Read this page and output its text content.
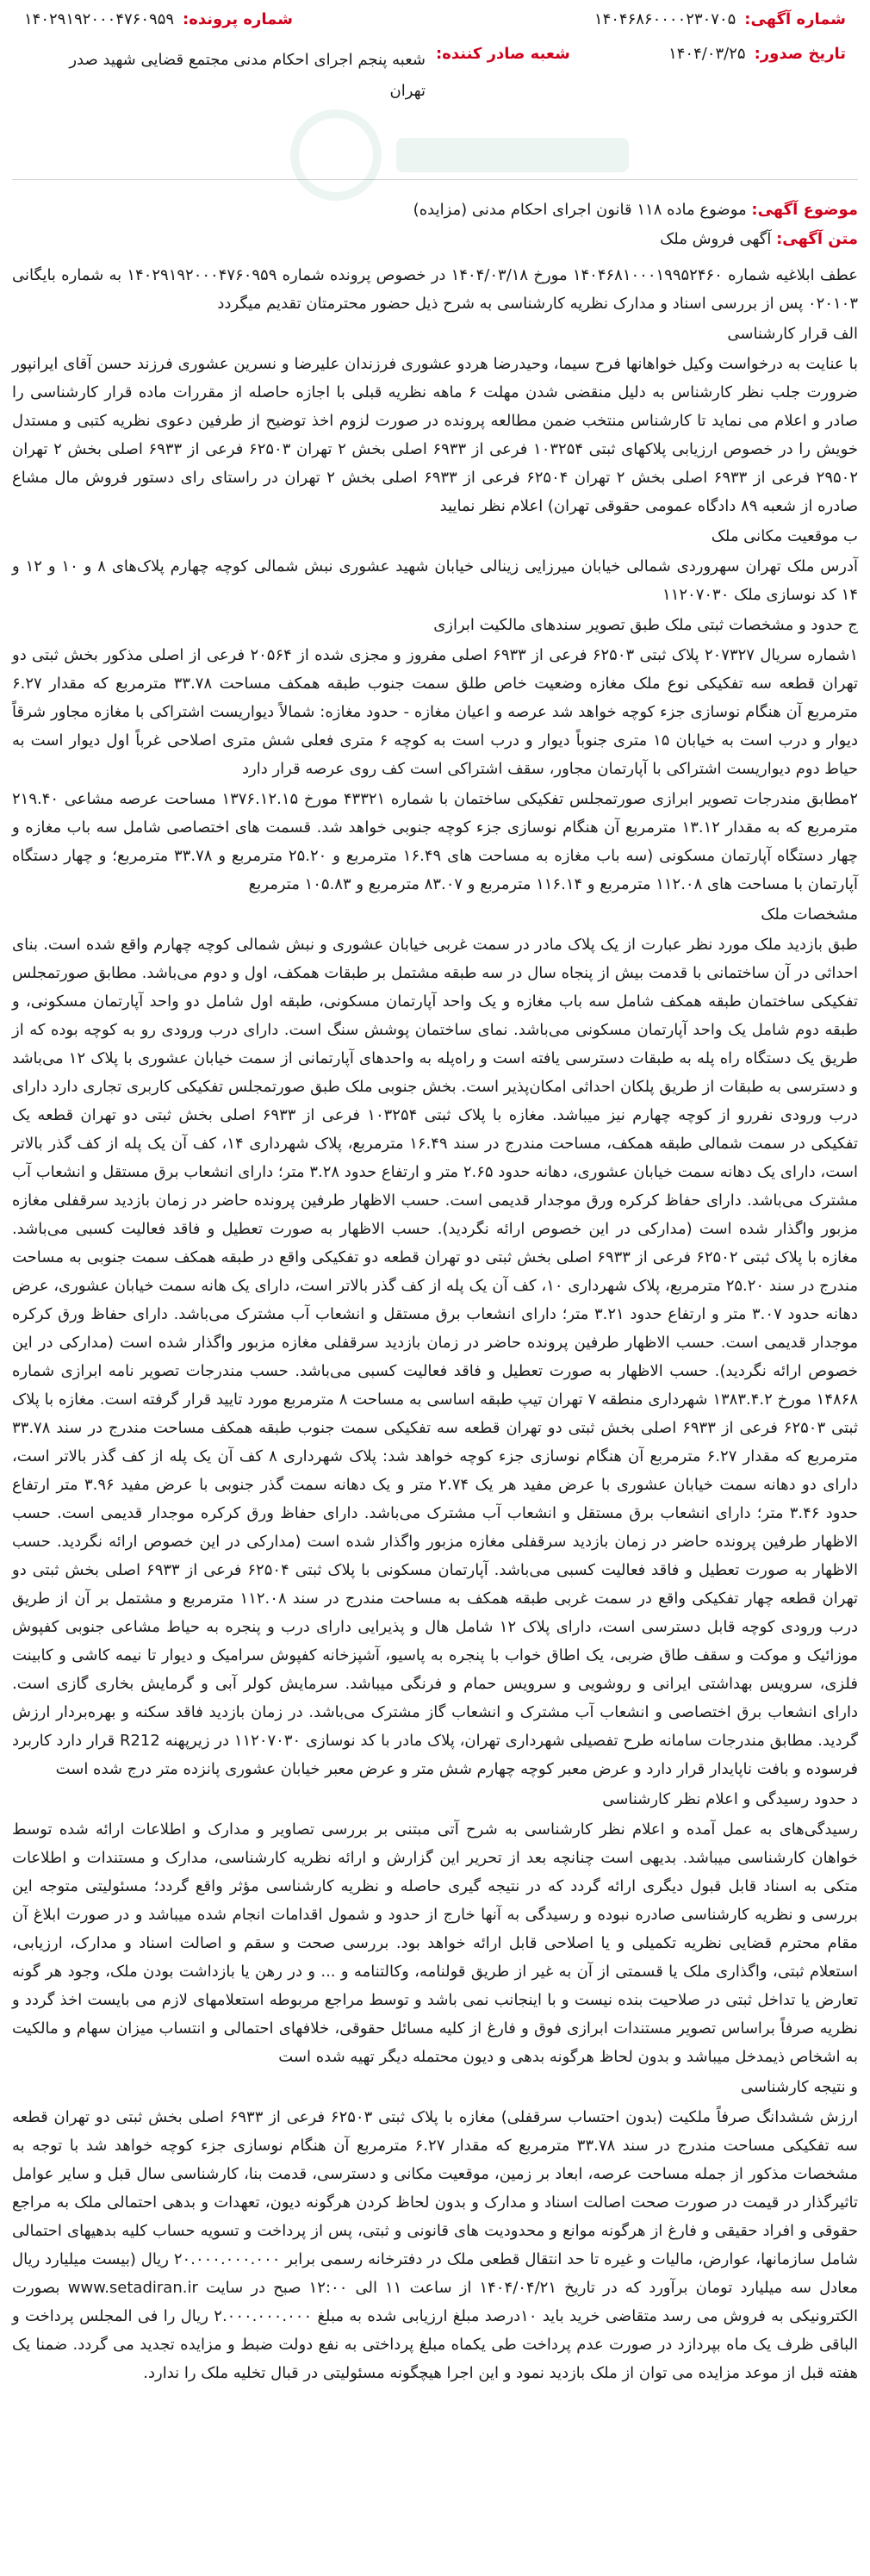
شماره آگهی:
۱۴۰۴۶۸۶۰۰۰۰۲۳۰۷۰۵
شماره پرونده:
۱۴۰۲۹۱۹۲۰۰۰۴۷۶۰۹۵۹
تاریخ صدور:
۱۴۰۴/۰۳/۲۵
شعبه صادر کننده:
شعبه پنجم اجرای احکام مدنی مجتمع قضایی شهید صدر تهران
موضوع آگهی: موضوع ماده ۱۱۸ قانون اجرای احکام مدنی (مزایده)
متن آگهی: آگهی فروش ملک

عطف ابلاغیه شماره ۱۴۰۴۶۸۱۰۰۰۱۹۹۵۲۴۶۰ مورخ ۱۴۰۴/۰۳/۱۸ در خصوص پرونده شماره ۱۴۰۲۹۱۹۲۰۰۰۴۷۶۰۹۵۹ به شماره بایگانی ۰۲۰۱۰۳ پس از بررسی اسناد و مدارک نظریه کارشناسی به شرح ذیل حضور محترمتان تقدیم میگردد

الف قرار کارشناسی

با عنایت به درخواست وکیل خواهانها فرح سیما، وحیدرضا هردو عشوری فرزندان علیرضا و نسرین عشوری فرزند حسن آقای ایرانپور ضرورت جلب نظر کارشناس به دلیل منقضی شدن مهلت ۶ ماهه نظریه قبلی با اجازه حاصله از مقررات ماده قرار کارشناسی را صادر و اعلام می نماید تا کارشناس منتخب ضمن مطالعه پرونده در صورت لزوم اخذ توضیح از طرفین دعوی نظریه کتبی و مستدل خویش را در خصوص ارزیابی پلاکهای ثبتی ۱۰۳۲۵۴ فرعی از ۶۹۳۳ اصلی بخش ۲ تهران ۶۲۵۰۳ فرعی از ۶۹۳۳ اصلی بخش ۲ تهران ۲۹۵۰۲ فرعی از ۶۹۳۳ اصلی بخش ۲ تهران ۶۲۵۰۴ فرعی از ۶۹۳۳ اصلی بخش ۲ تهران در راستای رای دستور فروش مال مشاع صادره از شعبه ۸۹ دادگاه عمومی حقوقی تهران) اعلام نظر نمایید

ب موقعیت مکانی ملک

آدرس ملک تهران سهروردی شمالی خیابان میرزایی زینالی خیابان شهید عشوری نبش شمالی کوچه چهارم پلاک‌های ۸ و ۱۰ و ۱۲ و ۱۴ کد نوسازی ملک ۱۱۲۰۷۰۳۰

ج حدود و مشخصات ثبتی ملک طبق تصویر سندهای مالکیت ابرازی

۱شماره سریال ۲۰۷۳۲۷ پلاک ثبتی ۶۲۵۰۳ فرعی از ۶۹۳۳ اصلی مفروز و مجزی شده از ۲۰۵۶۴ فرعی از اصلی مذکور بخش ثبتی دو تهران قطعه سه تفکیکی نوع ملک مغازه وضعیت خاص طلق سمت جنوب طبقه همکف مساحت ۳۳.۷۸ مترمربع که مقدار ۶.۲۷ مترمربع آن هنگام نوسازی جزء کوچه خواهد شد عرصه و اعیان مغازه - حدود مغازه: شمالاً دیواریست اشتراکی با مغازه مجاور شرقاً دیوار و درب است به خیابان ۱۵ متری جنوباً دیوار و درب است به کوچه ۶ متری فعلی شش متری اصلاحی غرباً اول دیوار است به حیاط دوم دیواریست اشتراکی با آپارتمان مجاور، سقف اشتراکی است کف روی عرصه قرار دارد

۲مطابق مندرجات تصویر ابرازی صورتمجلس تفکیکی ساختمان با شماره ۴۳۳۲۱ مورخ ۱۳۷۶.۱۲.۱۵ مساحت عرصه مشاعی ۲۱۹.۴۰ مترمربع که به مقدار ۱۳.۱۲ مترمربع آن هنگام نوسازی جزء کوچه جنوبی خواهد شد. قسمت های اختصاصی شامل سه باب مغازه و چهار دستگاه آپارتمان مسکونی (سه باب مغازه به مساحت های ۱۶.۴۹ مترمربع و ۲۵.۲۰ مترمربع و ۳۳.۷۸ مترمربع؛ و چهار دستگاه آپارتمان با مساحت های ۱۱۲.۰۸ مترمربع و ۱۱۶.۱۴ مترمربع و ۸۳.۰۷ مترمربع و ۱۰۵.۸۳ مترمربع

مشخصات ملک

طبق بازدید ملک مورد نظر عبارت از یک پلاک مادر در سمت غربی خیابان عشوری و نبش شمالی کوچه چهارم واقع شده است. بنای احداثی در آن ساختمانی با قدمت بیش از پنجاه سال در سه طبقه مشتمل بر طبقات همکف، اول و دوم می‌باشد. مطابق صورتمجلس تفکیکی ساختمان طبقه همکف شامل سه باب مغازه و یک واحد آپارتمان مسکونی، طبقه اول شامل دو واحد آپارتمان مسکونی، و طبقه دوم شامل یک واحد آپارتمان مسکونی می‌باشد. نمای ساختمان پوشش سنگ است. دارای درب ورودی رو به کوچه بوده که از طریق یک دستگاه راه پله به طبقات دسترسی یافته است و راه‌پله به واحدهای آپارتمانی از سمت خیابان عشوری با پلاک ۱۲ می‌باشد و دسترسی به طبقات از طریق پلکان احداثی امکان‌پذیر است. بخش جنوبی ملک طبق صورتمجلس تفکیکی کاربری تجاری دارد دارای درب ورودی نفررو از کوچه چهارم نیز میباشد. مغازه با پلاک ثبتی ۱۰۳۲۵۴ فرعی از ۶۹۳۳ اصلی بخش ثبتی دو تهران قطعه یک تفکیکی در سمت شمالی طبقه همکف، مساحت مندرج در سند ۱۶.۴۹ مترمربع، پلاک شهرداری ۱۴، کف آن یک پله از کف گذر بالاتر است، دارای یک دهانه سمت خیابان عشوری، دهانه حدود ۲.۶۵ متر و ارتفاع حدود ۳.۲۸ متر؛ دارای انشعاب برق مستقل و انشعاب آب مشترک می‌باشد. دارای حفاظ کرکره ورق موجدار قدیمی است. حسب الاظهار طرفین پرونده حاضر در زمان بازدید سرقفلی مغازه مزبور واگذار شده است (مدارکی در این خصوص ارائه نگردید). حسب الاظهار به صورت تعطیل و فاقد فعالیت کسبی می‌باشد. مغازه با پلاک ثبتی ۶۲۵۰۲ فرعی از ۶۹۳۳ اصلی بخش ثبتی دو تهران قطعه دو تفکیکی واقع در طبقه همکف سمت جنوبی به مساحت مندرج در سند ۲۵.۲۰ مترمربع، پلاک شهرداری ۱۰، کف آن یک پله از کف گذر بالاتر است، دارای یک هانه سمت خیابان عشوری، عرض دهانه حدود ۳.۰۷ متر و ارتفاع حدود ۳.۲۱ متر؛ دارای انشعاب برق مستقل و انشعاب آب مشترک می‌باشد. دارای حفاظ ورق کرکره موجدار قدیمی است. حسب الاظهار طرفین پرونده حاضر در زمان بازدید سرقفلی مغازه مزبور واگذار شده است (مدارکی در این خصوص ارائه نگردید). حسب الاظهار به صورت تعطیل و فاقد فعالیت کسبی می‌باشد. حسب مندرجات تصویر نامه ابرازی شماره ۱۴۸۶۸ مورخ ۱۳۸۳.۴.۲ شهرداری منطقه ۷ تهران تیپ طبقه اساسی به مساحت ۸ مترمربع مورد تایید قرار گرفته است. مغازه با پلاک ثبتی ۶۲۵۰۳ فرعی از ۶۹۳۳ اصلی بخش ثبتی دو تهران قطعه سه تفکیکی سمت جنوب طبقه همکف مساحت مندرج در سند ۳۳.۷۸ مترمربع که مقدار ۶.۲۷ مترمربع آن هنگام نوسازی جزء کوچه خواهد شد: پلاک شهرداری ۸ کف آن یک پله از کف گذر بالاتر است، دارای دو دهانه سمت خیابان عشوری با عرض مفید هر یک ۲.۷۴ متر و یک دهانه سمت گذر جنوبی با عرض مفید ۳.۹۶ متر ارتفاع حدود ۳.۴۶ متر؛ دارای انشعاب برق مستقل و انشعاب آب مشترک می‌باشد. دارای حفاظ ورق کرکره موجدار قدیمی است. حسب الاظهار طرفین پرونده حاضر در زمان بازدید سرقفلی مغازه مزبور واگذار شده است (مدارکی در این خصوص ارائه نگردید. حسب الاظهار به صورت تعطیل و فاقد فعالیت کسبی می‌باشد. آپارتمان مسکونی با پلاک ثبتی ۶۲۵۰۴ فرعی از ۶۹۳۳ اصلی بخش ثبتی دو تهران قطعه چهار تفکیکی واقع در سمت غربی طبقه همکف به مساحت مندرج در سند ۱۱۲.۰۸ مترمربع و مشتمل بر آن از طریق درب ورودی کوچه قابل دسترسی است، دارای پلاک ۱۲ شامل هال و پذیرایی دارای درب و پنجره به حیاط مشاعی جنوبی کفپوش موزائیک و موکت و سقف طاق ضربی، یک اطاق خواب با پنجره به پاسیو، آشپزخانه کفپوش سرامیک و دیوار تا نیمه کاشی و کابینت فلزی، سرویس بهداشتی ایرانی و روشویی و سرویس حمام و فرنگی میباشد. سرمایش کولر آبی و گرمایش بخاری گازی است. دارای انشعاب برق اختصاصی و انشعاب آب مشترک و انشعاب گاز مشترک می‌باشد. در زمان بازدید فاقد سکنه و بهره‌بردار ارزش گردید. مطابق مندرجات سامانه طرح تفصیلی شهرداری تهران، پلاک مادر با کد نوسازی ۱۱۲۰۷۰۳۰ در زیرپهنه R212 قرار دارد کاربرد فرسوده و بافت ناپایدار قرار دارد و عرض معبر کوچه چهارم شش متر و عرض معبر خیابان عشوری پانزده متر درج شده است

د حدود رسیدگی و اعلام نظر کارشناسی

رسیدگی‌های به عمل آمده و اعلام نظر کارشناسی به شرح آتی مبتنی بر بررسی تصاویر و مدارک و اطلاعات ارائه شده توسط خواهان کارشناسی میباشد. بدیهی است چنانچه بعد از تحریر این گزارش و ارائه نظریه کارشناسی، مدارک و مستندات و اطلاعات متکی به اسناد قابل قبول دیگری ارائه گردد که در نتیجه گیری حاصله و نظریه کارشناسی مؤثر واقع گردد؛ مسئولیتی متوجه این بررسی و نظریه کارشناسی صادره نبوده و رسیدگی به آنها خارج از حدود و شمول اقدامات انجام شده میباشد و در صورت ابلاغ آن مقام محترم قضایی نظریه تکمیلی و یا اصلاحی قابل ارائه خواهد بود. بررسی صحت و سقم و اصالت اسناد و مدارک، ارزیابی، استعلام ثبتی، واگذاری ملک یا قسمتی از آن به غیر از طریق قولنامه، وکالتنامه و ... و در رهن یا بازداشت بودن ملک، وجود هر گونه تعارض یا تداخل ثبتی در صلاحیت بنده نیست و با اینجانب نمی باشد و توسط مراجع مربوطه استعلامهای لازم می بایست اخذ گردد و نظریه صرفاً براساس تصویر مستندات ابرازی فوق و فارغ از کلیه مسائل حقوقی، خلافهای احتمالی و انتساب میزان سهام و مالکیت به اشخاص ذیمدخل میباشد و بدون لحاظ هرگونه بدهی و دیون محتمله دیگر تهیه شده است

و نتیجه کارشناسی

ارزش ششدانگ صرفاً ملکیت (بدون احتساب سرقفلی) مغازه با پلاک ثبتی ۶۲۵۰۳ فرعی از ۶۹۳۳ اصلی بخش ثبتی دو تهران قطعه سه تفکیکی مساحت مندرج در سند ۳۳.۷۸ مترمربع که مقدار ۶.۲۷ مترمربع آن هنگام نوسازی جزء کوچه خواهد شد با توجه به مشخصات مذکور از جمله مساحت عرصه، ابعاد بر زمین، موقعیت مکانی و دسترسی، قدمت بنا، کارشناسی سال قبل و سایر عوامل تاثیرگذار در قیمت در صورت صحت اصالت اسناد و مدارک و بدون لحاظ کردن هرگونه دیون، تعهدات و بدهی احتمالی ملک به مراجع حقوقی و افراد حقیقی و فارغ از هرگونه موانع و محدودیت های قانونی و ثبتی، پس از پرداخت و تسویه حساب کلیه بدهیهای احتمالی شامل سازمانها، عوارض، مالیات و غیره تا حد انتقال قطعی ملک در دفترخانه رسمی برابر ۲۰.۰۰۰.۰۰۰.۰۰۰ ریال (بیست میلیارد ریال معادل سه میلیارد تومان برآورد که در تاریخ ۱۴۰۴/۰۴/۲۱ از ساعت ۱۱ الی ۱۲:۰۰ صبح در سایت www.setadiran.ir بصورت الکترونیکی به فروش می رسد متقاضی خرید باید ۱۰درصد مبلغ ارزیابی شده به مبلغ ۲.۰۰۰.۰۰۰.۰۰۰ ریال را فی المجلس پرداخت و الباقی ظرف یک ماه بپردازد در صورت عدم پرداخت طی یکماه مبلغ پرداختی به نفع دولت ضبط و مزایده تجدید می گردد. ضمنا یک هفته قبل از موعد مزایده می توان از ملک بازدید نمود و این اجرا هیچگونه مسئولیتی در قبال تخلیه ملک را ندارد.
